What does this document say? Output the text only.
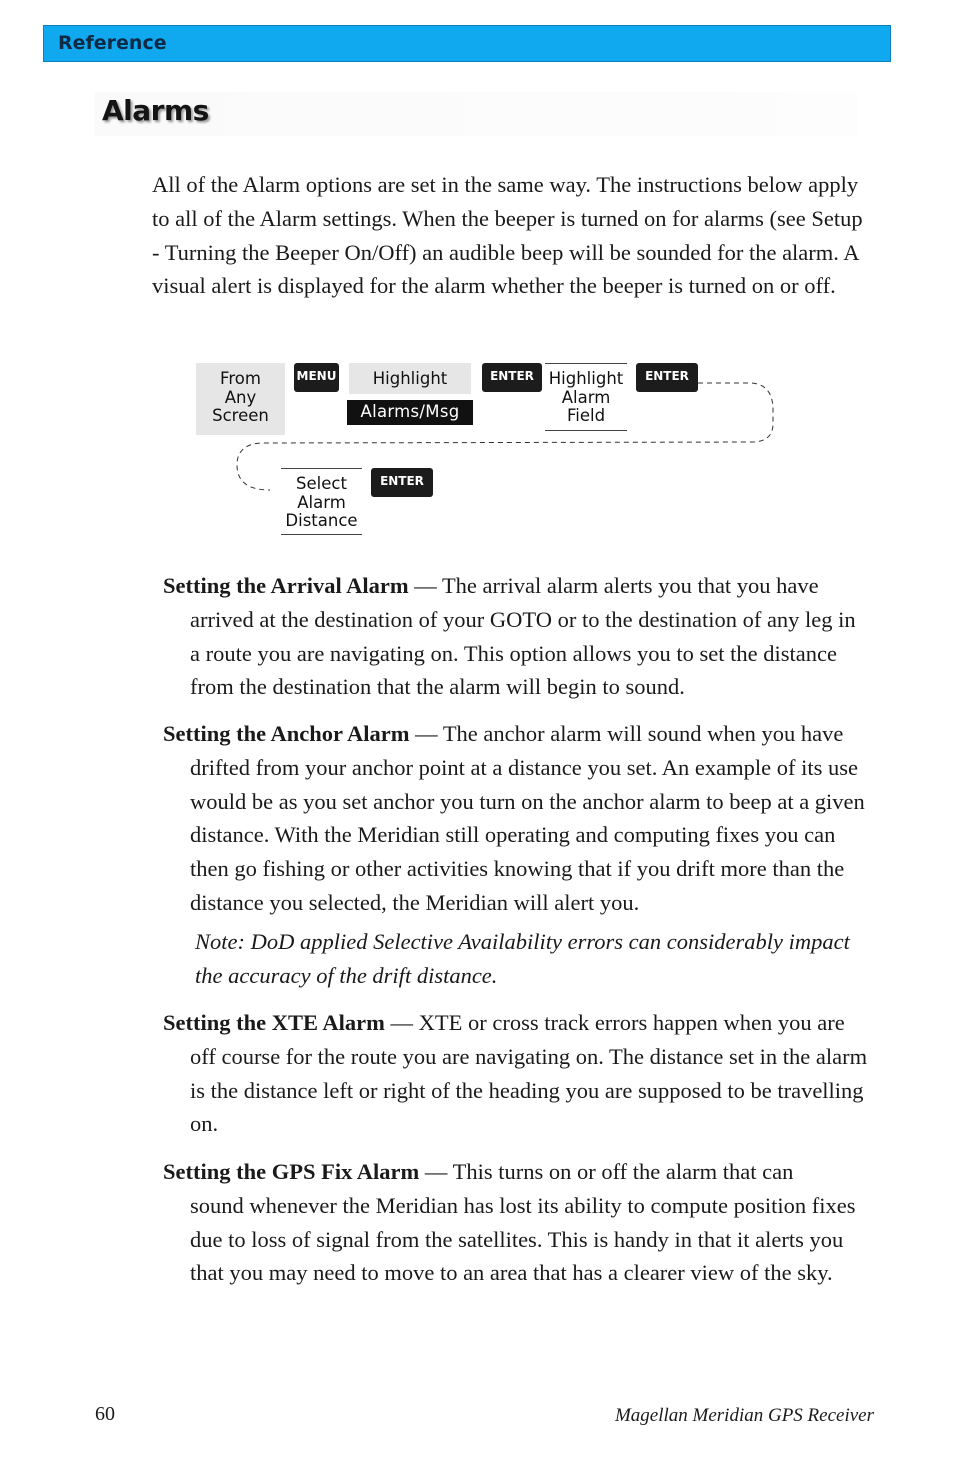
Reference
Alarms

All of the Alarm options are set in the same way. The instructions below apply to all of the Alarm settings. When the beeper is turned on for alarms (see Setup - Turning the Beeper On/Off) an audible beep will be sounded for the alarm. A visual alert is displayed for the alarm whether the beeper is turned on or off.

From
Any
Screen
MENU	Highlight
Alarms/Msg
ENTER Highlight
Alarm
Field
ENTER
Select
Alarm
Distance
ENTER
Setting the Arrival Alarm — The arrival alarm alerts you that you have
arrived at the destination of your GOTO or to the destination of any leg in a route you are navigating on. This option allows you to set the distance from the destination that the alarm will begin to sound.
Setting the Anchor Alarm — The anchor alarm will sound when you have
drifted from your anchor point at a distance you set. An example of its use would be as you set anchor you turn on the anchor alarm to beep at a given distance. With the Meridian still operating and computing fixes you can then go fishing or other activities knowing that if you drift more than the distance you selected, the Meridian will alert you.

Note: DoD applied Selective Availability errors can considerably impact the accuracy of the drift distance.

Setting the XTE Alarm — XTE or cross track errors happen when you are
off course for the route you are navigating on. The distance set in the alarm is the distance left or right of the heading you are supposed to be travelling on.
Setting the GPS Fix Alarm — This turns on or off the alarm that can
sound whenever the Meridian has lost its ability to compute position fixes due to loss of signal from the satellites. This is handy in that it alerts you that you may need to move to an area that has a clearer view of the sky.
60	Magellan Meridian GPS Receiver
